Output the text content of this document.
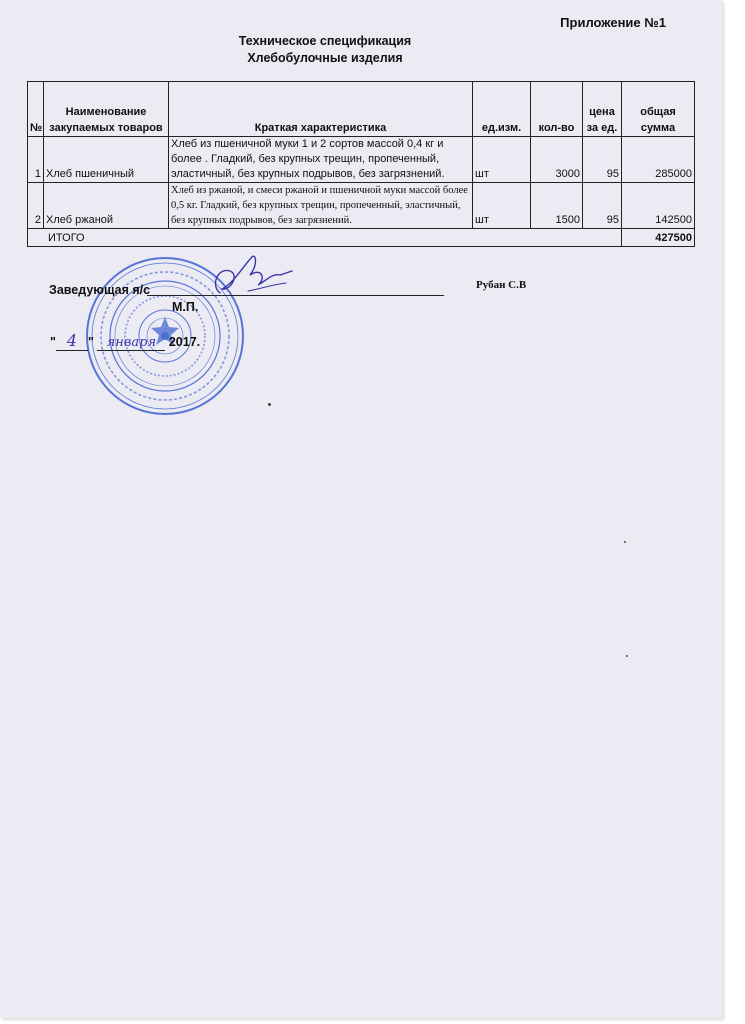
Приложение №1
Техническое спецификация
Хлебобулочные изделия
№	Наименование закупаемых товаров	Краткая характеристика	ед.изм.	кол-во	цена за ед.	общая сумма
1	Хлеб пшеничный	Хлеб из пшеничной муки 1 и 2 сортов массой 0,4 кг и более . Гладкий, без крупных трещин, пропеченный, эластичный, без крупных подрывов, без загрязнений.	шт	3000	95	285000
2	Хлеб ржаной	Хлеб из ржаной, и смеси ржаной и пшеничной муки массой более 0,5 кг. Гладкий, без крупных трещин, пропеченный, эластичный, без крупных подрывов, без загрязнений.	шт	1500	95	142500
ИТОГО						427500
Заведующая я/с	Рубан С.В
М.П.
" 4 " января 2017.
